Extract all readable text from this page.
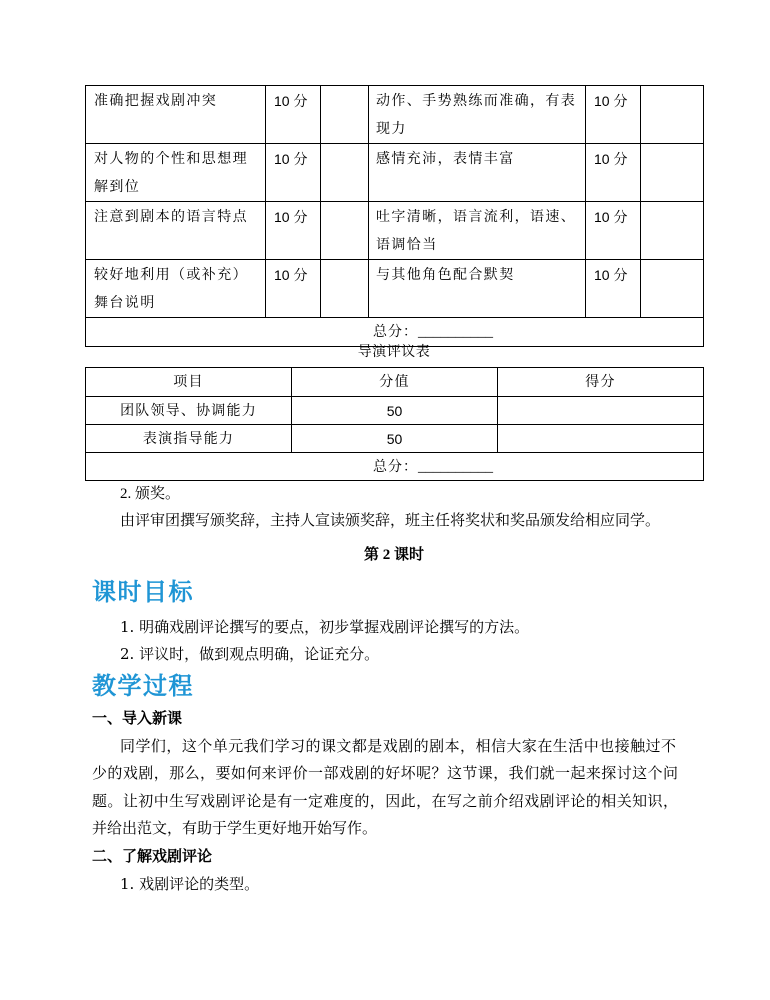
准确把握戏剧冲突	10 分		动作、手势熟练而准确，有表现力	10 分	
对人物的个性和思想理解到位	10 分		感情充沛，表情丰富	10 分	
注意到剧本的语言特点	10 分		吐字清晰，语言流利，语速、语调恰当	10 分	
较好地利用（或补充）舞台说明	10 分		与其他角色配合默契	10 分	
总分：__________					
导演评议表
项目	分值	得分
团队领导、协调能力	50	
表演指导能力	50	
总分：__________		
2. 颁奖。
由评审团撰写颁奖辞，主持人宣读颁奖辞，班主任将奖状和奖品颁发给相应同学。
第 2 课时
课时目标
1. 明确戏剧评论撰写的要点，初步掌握戏剧评论撰写的方法。
2. 评议时，做到观点明确，论证充分。
教学过程
一、导入新课
同学们，这个单元我们学习的课文都是戏剧的剧本，相信大家在生活中也接触过不
少的戏剧，那么，要如何来评价一部戏剧的好坏呢？这节课，我们就一起来探讨这个问
题。让初中生写戏剧评论是有一定难度的，因此，在写之前介绍戏剧评论的相关知识，
并给出范文，有助于学生更好地开始写作。
二、了解戏剧评论
1. 戏剧评论的类型。
